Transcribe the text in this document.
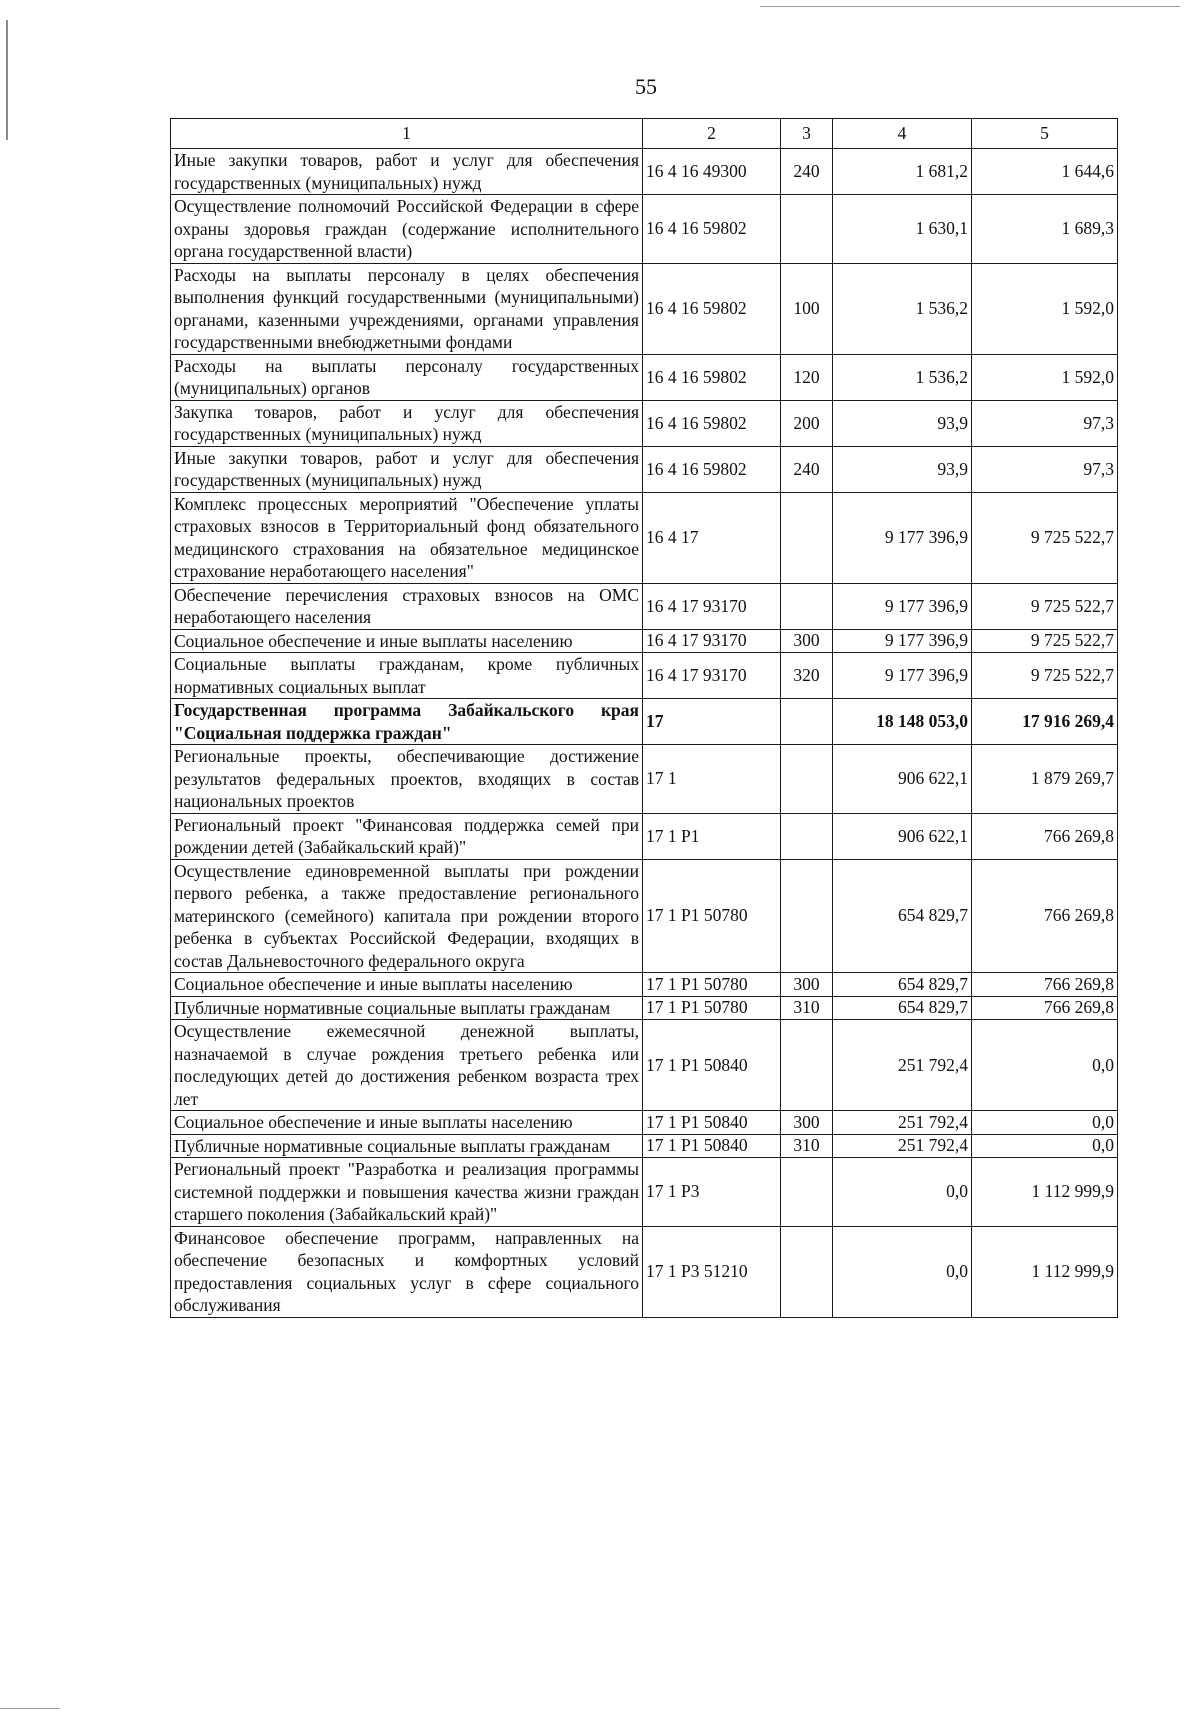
55
1	2	3	4	5
Иные закупки товаров, работ и услуг для обеспечения государственных (муниципальных) нужд	16 4 16 49300	240	1 681,2	1 644,6
Осуществление полномочий Российской Федерации в сфере охраны здоровья граждан (содержание исполнительного органа государственной власти)	16 4 16 59802		1 630,1	1 689,3
Расходы на выплаты персоналу в целях обеспечения выполнения функций государственными (муниципальными) органами, казенными учреждениями, органами управления государственными внебюджетными фондами	16 4 16 59802	100	1 536,2	1 592,0
Расходы на выплаты персоналу государственных (муниципальных) органов	16 4 16 59802	120	1 536,2	1 592,0
Закупка товаров, работ и услуг для обеспечения государственных (муниципальных) нужд	16 4 16 59802	200	93,9	97,3
Иные закупки товаров, работ и услуг для обеспечения государственных (муниципальных) нужд	16 4 16 59802	240	93,9	97,3
Комплекс процессных мероприятий "Обеспечение уплаты страховых взносов в Территориальный фонд обязательного медицинского страхования на обязательное медицинское страхование неработающего населения"	16 4 17		9 177 396,9	9 725 522,7
Обеспечение перечисления страховых взносов на ОМС неработающего населения	16 4 17 93170		9 177 396,9	9 725 522,7
Социальное обеспечение и иные выплаты населению	16 4 17 93170	300	9 177 396,9	9 725 522,7
Социальные выплаты гражданам, кроме публичных нормативных социальных выплат	16 4 17 93170	320	9 177 396,9	9 725 522,7
Государственная программа Забайкальского края "Социальная поддержка граждан"	17		18 148 053,0	17 916 269,4
Региональные проекты, обеспечивающие достижение результатов федеральных проектов, входящих в состав национальных проектов	17 1		906 622,1	1 879 269,7
Региональный проект "Финансовая поддержка семей при рождении детей (Забайкальский край)"	17 1 P1		906 622,1	766 269,8
Осуществление единовременной выплаты при рождении первого ребенка, а также предоставление регионального материнского (семейного) капитала при рождении второго ребенка в субъектах Российской Федерации, входящих в состав Дальневосточного федерального округа	17 1 P1 50780		654 829,7	766 269,8
Социальное обеспечение и иные выплаты населению	17 1 P1 50780	300	654 829,7	766 269,8
Публичные нормативные социальные выплаты гражданам	17 1 P1 50780	310	654 829,7	766 269,8
Осуществление ежемесячной денежной выплаты, назначаемой в случае рождения третьего ребенка или последующих детей до достижения ребенком возраста трех лет	17 1 P1 50840		251 792,4	0,0
Социальное обеспечение и иные выплаты населению	17 1 P1 50840	300	251 792,4	0,0
Публичные нормативные социальные выплаты гражданам	17 1 P1 50840	310	251 792,4	0,0
Региональный проект "Разработка и реализация программы системной поддержки и повышения качества жизни граждан старшего поколения (Забайкальский край)"	17 1 P3		0,0	1 112 999,9
Финансовое обеспечение программ, направленных на обеспечение безопасных и комфортных условий предоставления социальных услуг в сфере социального обслуживания	17 1 P3 51210		0,0	1 112 999,9
